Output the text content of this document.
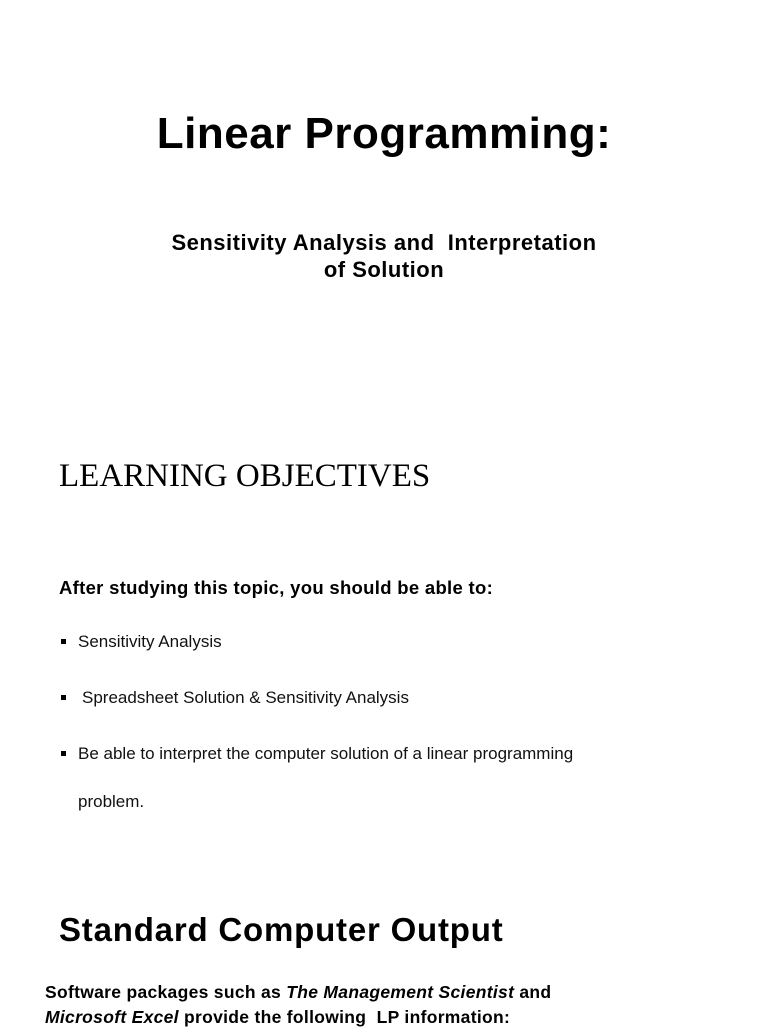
Linear Programming:
Sensitivity Analysis and  Interpretation
of Solution
LEARNING OBJECTIVES
After studying this topic, you should be able to:
Sensitivity Analysis
Spreadsheet Solution & Sensitivity Analysis
Be able to interpret the computer solution of a linear programming
problem.
Standard Computer Output
Software packages such as The Management Scientist and
Microsoft Excel provide the following  LP information:
